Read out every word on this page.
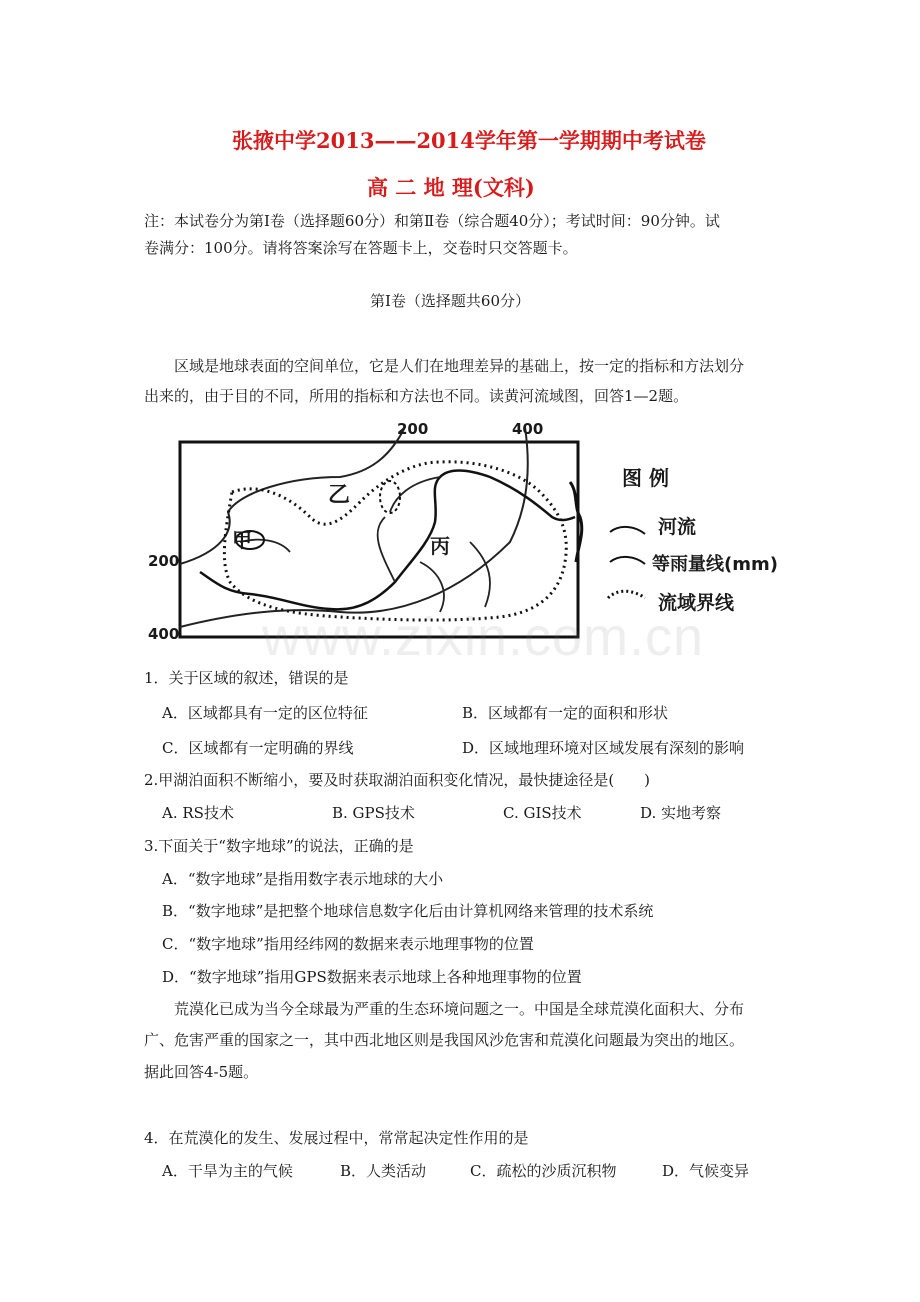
张掖中学2013——2014学年第一学期期中考试卷
高 二 地 理(文科)
注：本试卷分为第Ⅰ卷（选择题60分）和第Ⅱ卷（综合题40分）；考试时间：90分钟。试
卷满分：100分。请将答案涂写在答题卡上，交卷时只交答题卡。
第Ⅰ卷（选择题共60分）
区域是地球表面的空间单位，它是人们在地理差异的基础上，按一定的指标和方法划分
出来的，由于目的不同，所用的指标和方法也不同。读黄河流域图，回答1—2题。
200	400
200
400
乙
甲	丙
图 例
河流
等雨量线(mm)
流域界线
www.zixin.com.cn
1．关于区域的叙述，错误的是
A．区域都具有一定的区位特征	B．区域都有一定的面积和形状
C．区域都有一定明确的界线	D．区域地理环境对区域发展有深刻的影响
2.甲湖泊面积不断缩小，要及时获取湖泊面积变化情况，最快捷途径是(　　)
A. RS技术	B. GPS技术	C. GIS技术	D. 实地考察
3.下面关于“数字地球”的说法，正确的是
A．“数字地球”是指用数字表示地球的大小
B．“数字地球”是把整个地球信息数字化后由计算机网络来管理的技术系统
C．“数字地球”指用经纬网的数据来表示地理事物的位置
D．“数字地球”指用GPS数据来表示地球上各种地理事物的位置
荒漠化已成为当今全球最为严重的生态环境问题之一。中国是全球荒漠化面积大、分布
广、危害严重的国家之一，其中西北地区则是我国风沙危害和荒漠化问题最为突出的地区。
据此回答4-5题。
4．在荒漠化的发生、发展过程中，常常起决定性作用的是
A．干旱为主的气候	B．人类活动	C．疏松的沙质沉积物	D．气候变异
